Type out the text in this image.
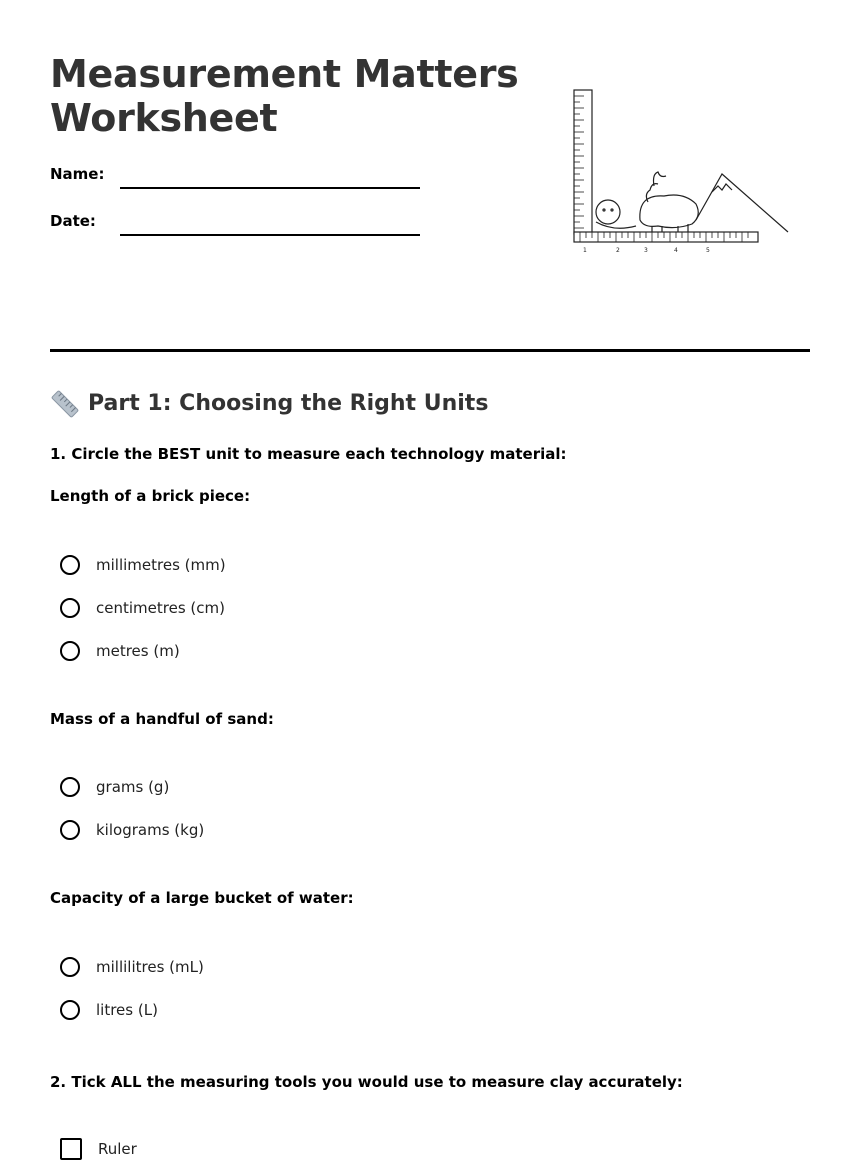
Measurement Matters
Worksheet
Name:
Date:
1	2	3	4	5
Part 1: Choosing the Right Units
1. Circle the BEST unit to measure each technology material:
Length of a brick piece:
millimetres (mm)
centimetres (cm)
metres (m)
Mass of a handful of sand:
grams (g)
kilograms (kg)
Capacity of a large bucket of water:
millilitres (mL)
litres (L)
2. Tick ALL the measuring tools you would use to measure clay accurately:
Ruler
